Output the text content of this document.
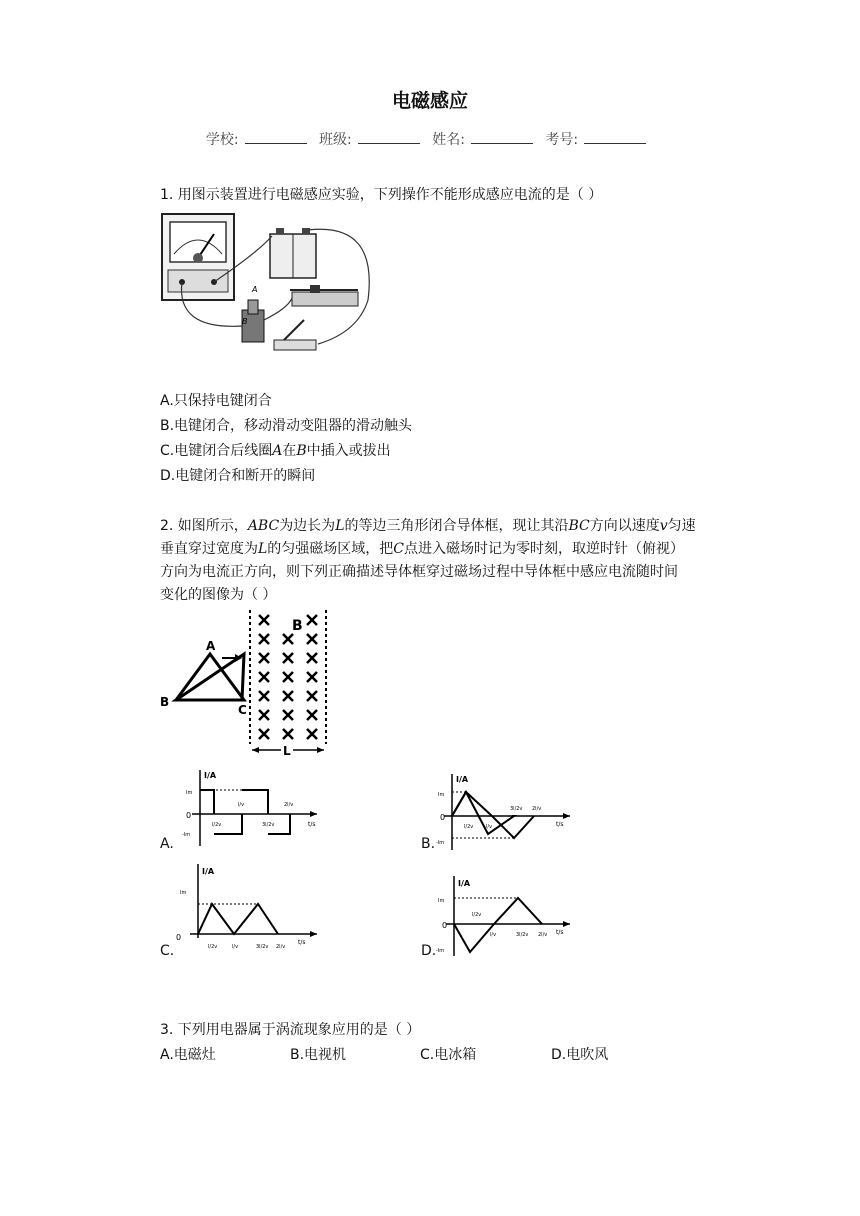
电磁感应
学校:	班级:	姓名:	考号:
1. 用图示装置进行电磁感应实验，下列操作不能形成感应电流的是（ ）
A
B
A.只保持电键闭合
B.电键闭合，移动滑动变阻器的滑动触头
C.电键闭合后线圈A在B中插入或拔出
D.电键闭合和断开的瞬间
2. 如图所示，ABC为边长为L的等边三角形闭合导体框，现让其沿BC方向以速度v匀速
垂直穿过宽度为L的匀强磁场区域，把C点进入磁场时记为零时刻，取逆时针（俯视）
方向为电流正方向，则下列正确描述导体框穿过磁场过程中导体框中感应电流随时间
变化的图像为（ ）
A
B
C
B
L
I/A
Im
0
-Im
l/2v
l/v
3l/2v
2l/v
t/s
A.
I/A
Im
0
-Im
l/2v	l/v
3l/2v 2l/v
t/s
B.
I/A
Im
0
l/2v	l/v	3l/2v 2l/v
t/s
C.
I/A
Im
0
-Im
l/2v
l/v	3l/2v 2l/v t/s
D.
3. 下列用电器属于涡流现象应用的是（ ）
A.电磁灶	B.电视机	C.电冰箱	D.电吹风
